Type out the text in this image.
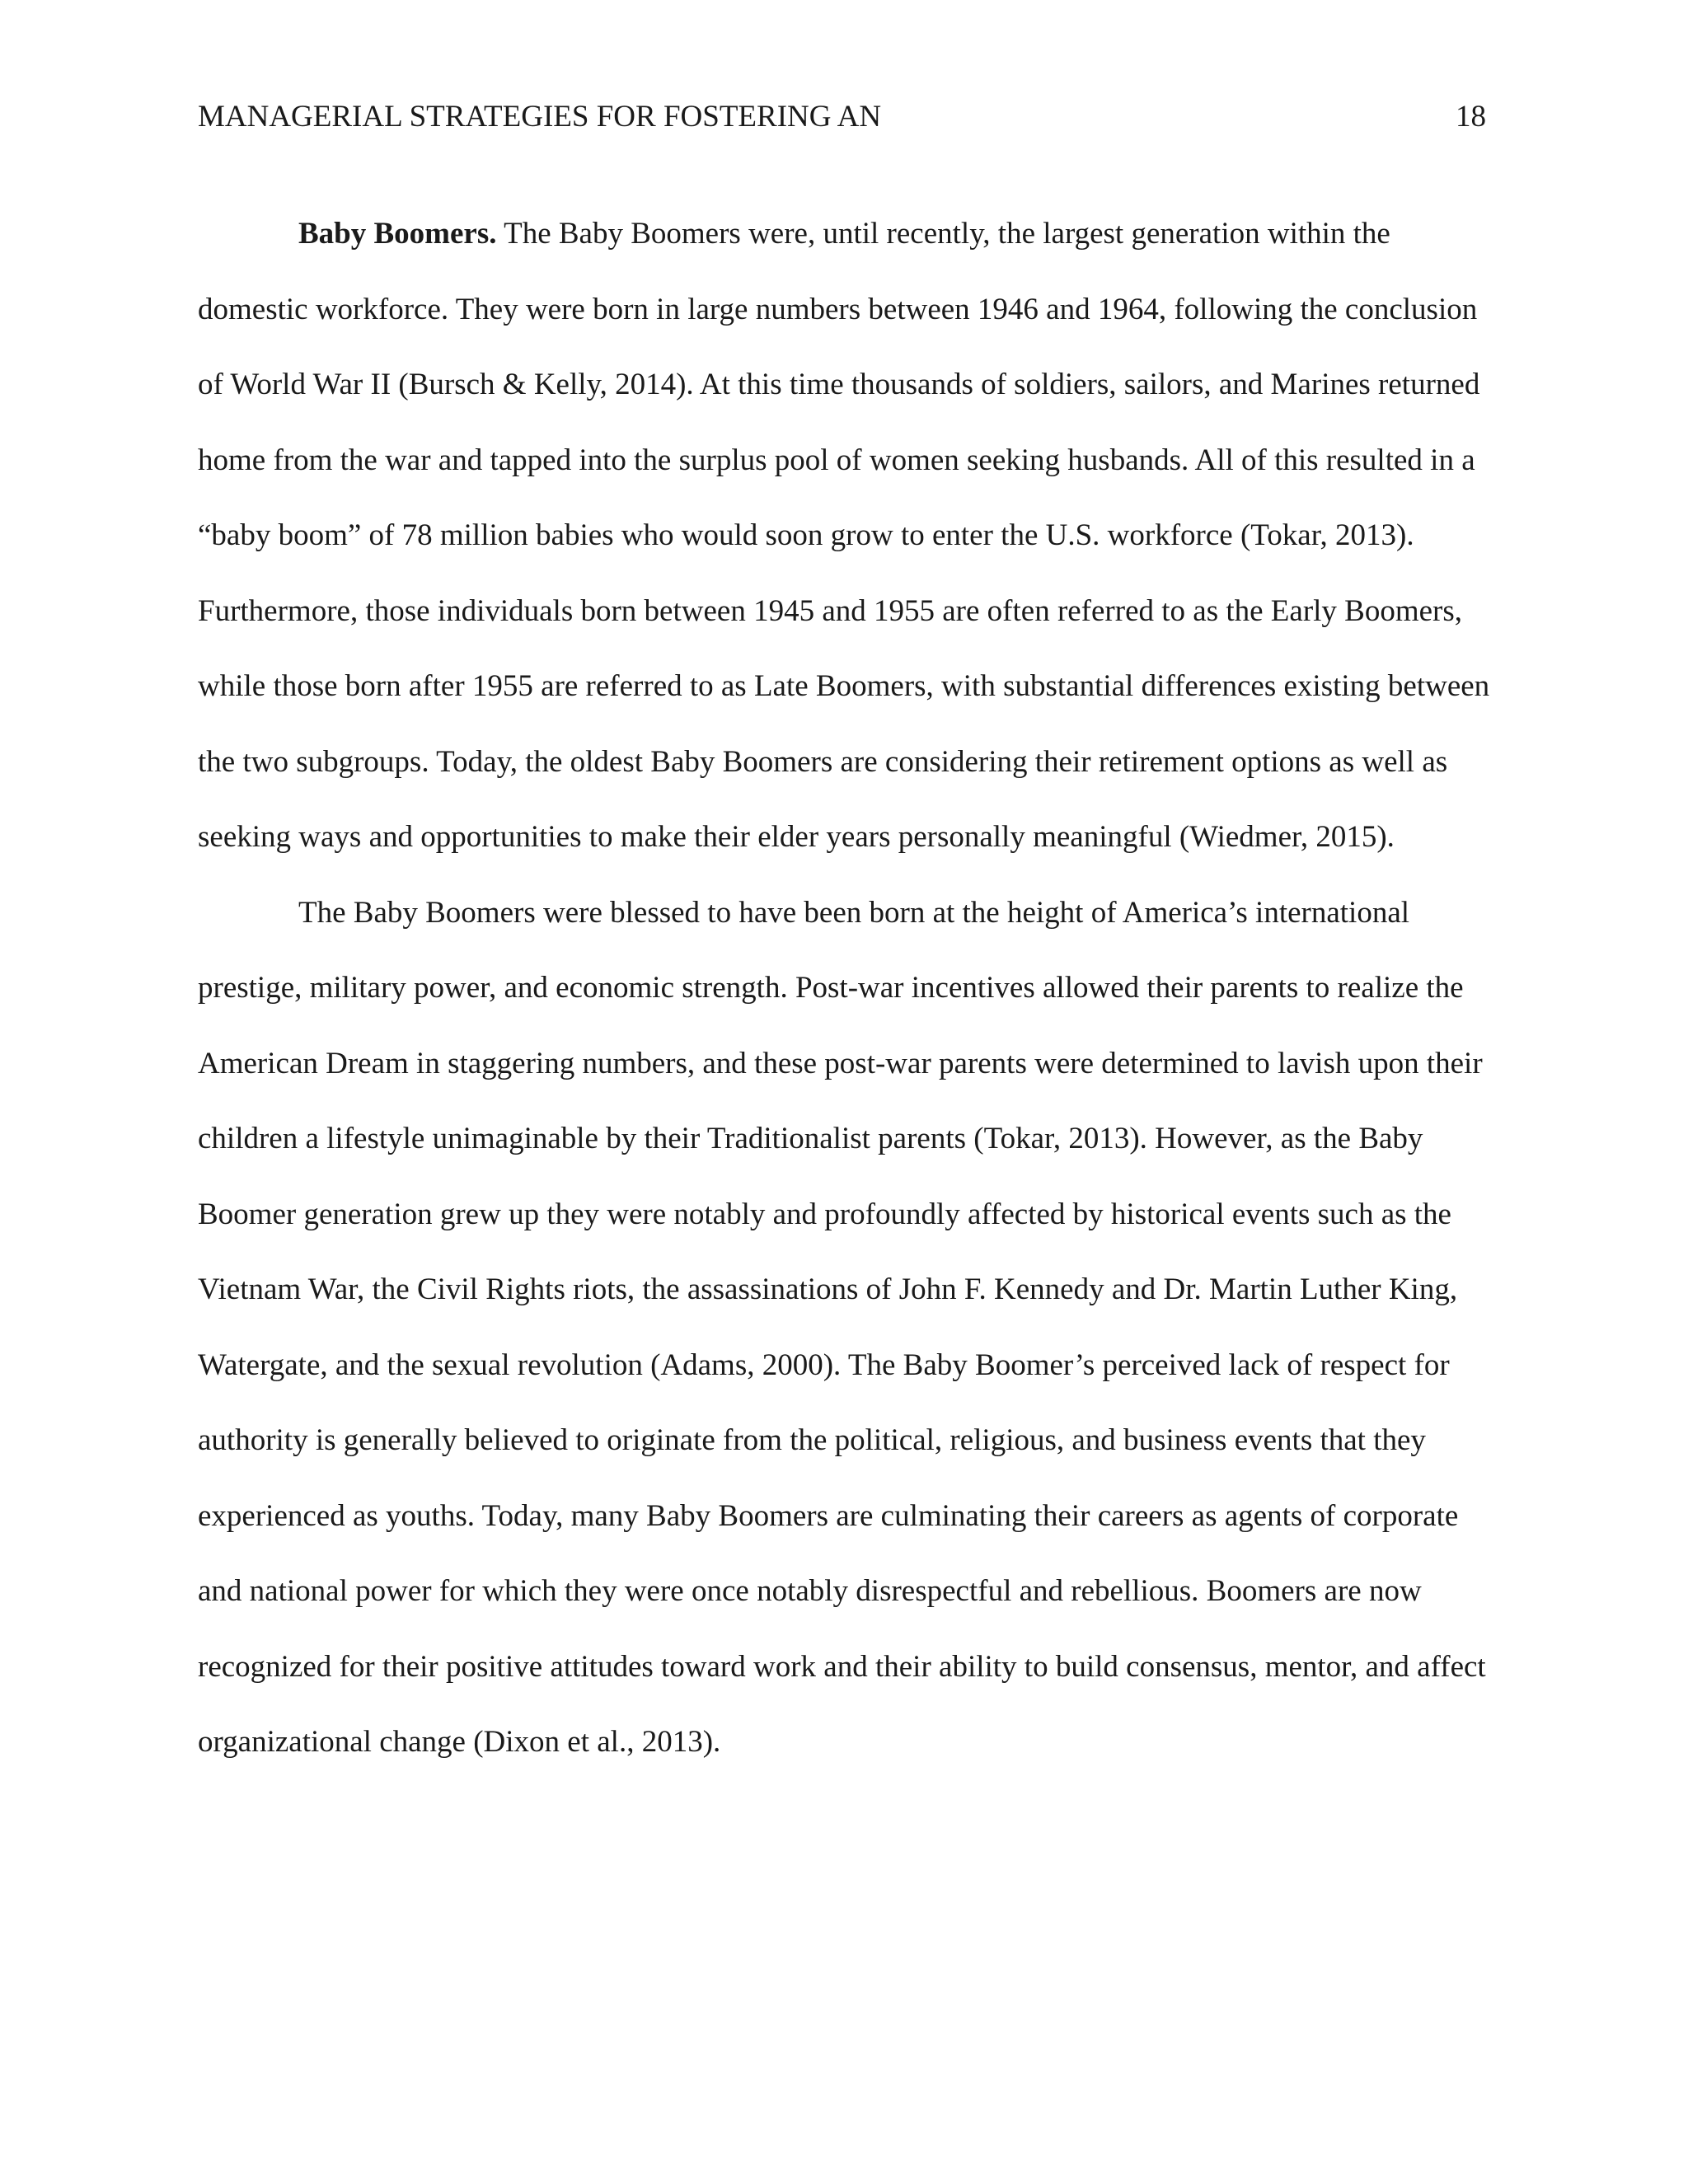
MANAGERIAL STRATEGIES FOR FOSTERING AN	18

Baby Boomers. The Baby Boomers were, until recently, the largest generation within the domestic workforce. They were born in large numbers between 1946 and 1964, following the conclusion of World War II (Bursch & Kelly, 2014). At this time thousands of soldiers, sailors, and Marines returned home from the war and tapped into the surplus pool of women seeking husbands. All of this resulted in a “baby boom” of 78 million babies who would soon grow to enter the U.S. workforce (Tokar, 2013). Furthermore, those individuals born between 1945 and 1955 are often referred to as the Early Boomers, while those born after 1955 are referred to as Late Boomers, with substantial differences existing between the two subgroups. Today, the oldest Baby Boomers are considering their retirement options as well as seeking ways and opportunities to make their elder years personally meaningful (Wiedmer, 2015).

The Baby Boomers were blessed to have been born at the height of America’s international prestige, military power, and economic strength. Post-war incentives allowed their parents to realize the American Dream in staggering numbers, and these post-war parents were determined to lavish upon their children a lifestyle unimaginable by their Traditionalist parents (Tokar, 2013). However, as the Baby Boomer generation grew up they were notably and profoundly affected by historical events such as the Vietnam War, the Civil Rights riots, the assassinations of John F. Kennedy and Dr. Martin Luther King, Watergate, and the sexual revolution (Adams, 2000). The Baby Boomer’s perceived lack of respect for authority is generally believed to originate from the political, religious, and business events that they experienced as youths. Today, many Baby Boomers are culminating their careers as agents of corporate and national power for which they were once notably disrespectful and rebellious. Boomers are now recognized for their positive attitudes toward work and their ability to build consensus, mentor, and affect organizational change (Dixon et al., 2013).
